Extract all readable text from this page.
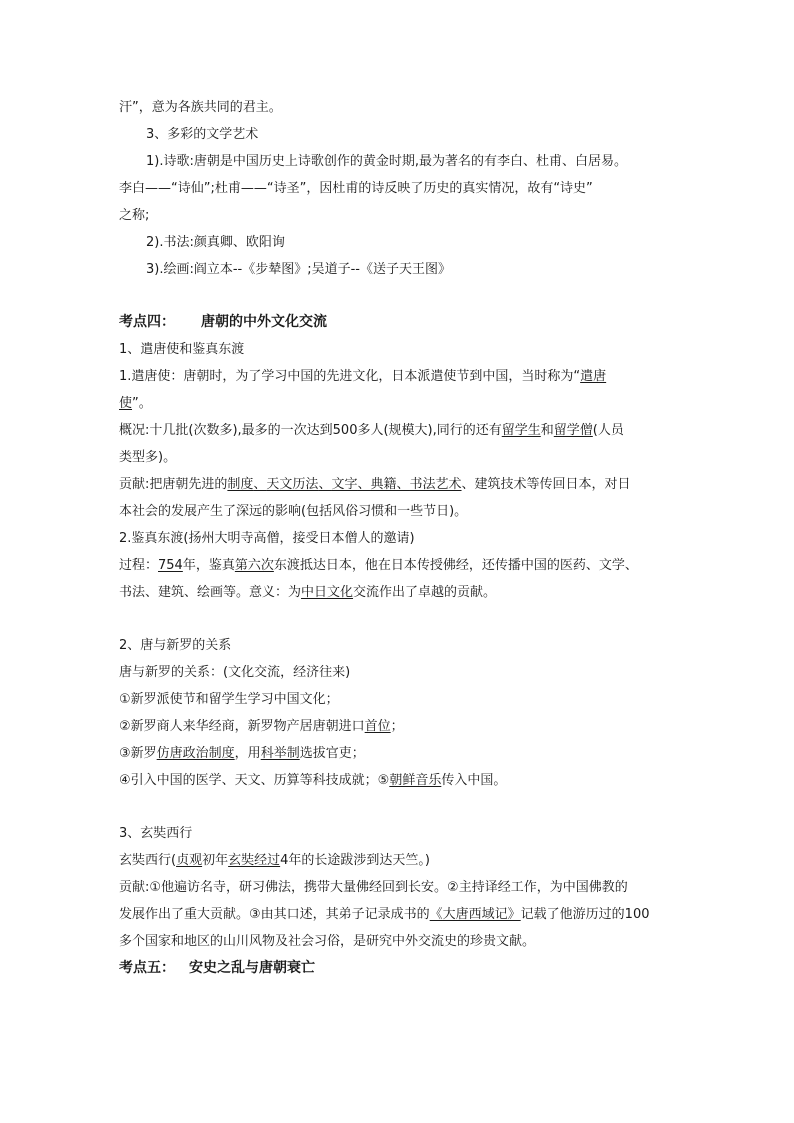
汗”，意为各族共同的君主。

3、多彩的文学艺术

1).诗歌:唐朝是中国历史上诗歌创作的黄金时期,最为著名的有李白、杜甫、白居易。

李白——“诗仙”;杜甫——“诗圣”，因杜甫的诗反映了历史的真实情况，故有“诗史”

之称;

2).书法:颜真卿、欧阳询

3).绘画:阎立本--《步辇图》;吴道子--《送子天王图》

考点四： 唐朝的中外文化交流

1、遣唐使和鉴真东渡

1.遣唐使：唐朝时，为了学习中国的先进文化，日本派遣使节到中国，当时称为“遣唐

使”。

概况:十几批(次数多),最多的一次达到500多人(规模大),同行的还有留学生和留学僧(人员

类型多)。

贡献:把唐朝先进的制度、天文历法、文字、典籍、书法艺术、建筑技术等传回日本，对日

本社会的发展产生了深远的影响(包括风俗习惯和一些节日)。

2.鉴真东渡(扬州大明寺高僧，接受日本僧人的邀请)

过程：754年，鉴真第六次东渡抵达日本，他在日本传授佛经，还传播中国的医药、文学、

书法、建筑、绘画等。意义：为中日文化交流作出了卓越的贡献。

2、唐与新罗的关系

唐与新罗的关系：(文化交流，经济往来)

①新罗派使节和留学生学习中国文化；

②新罗商人来华经商，新罗物产居唐朝进口首位；

③新罗仿唐政治制度，用科举制选拔官吏；

④引入中国的医学、天文、历算等科技成就；⑤朝鲜音乐传入中国。

3、玄奘西行

玄奘西行(贞观初年玄奘经过4年的长途跋涉到达天竺。)

贡献:①他遍访名寺，研习佛法，携带大量佛经回到长安。②主持译经工作，为中国佛教的

发展作出了重大贡献。③由其口述，其弟子记录成书的《大唐西域记》记载了他游历过的100

多个国家和地区的山川风物及社会习俗，是研究中外交流史的珍贵文献。

考点五： 安史之乱与唐朝衰亡
